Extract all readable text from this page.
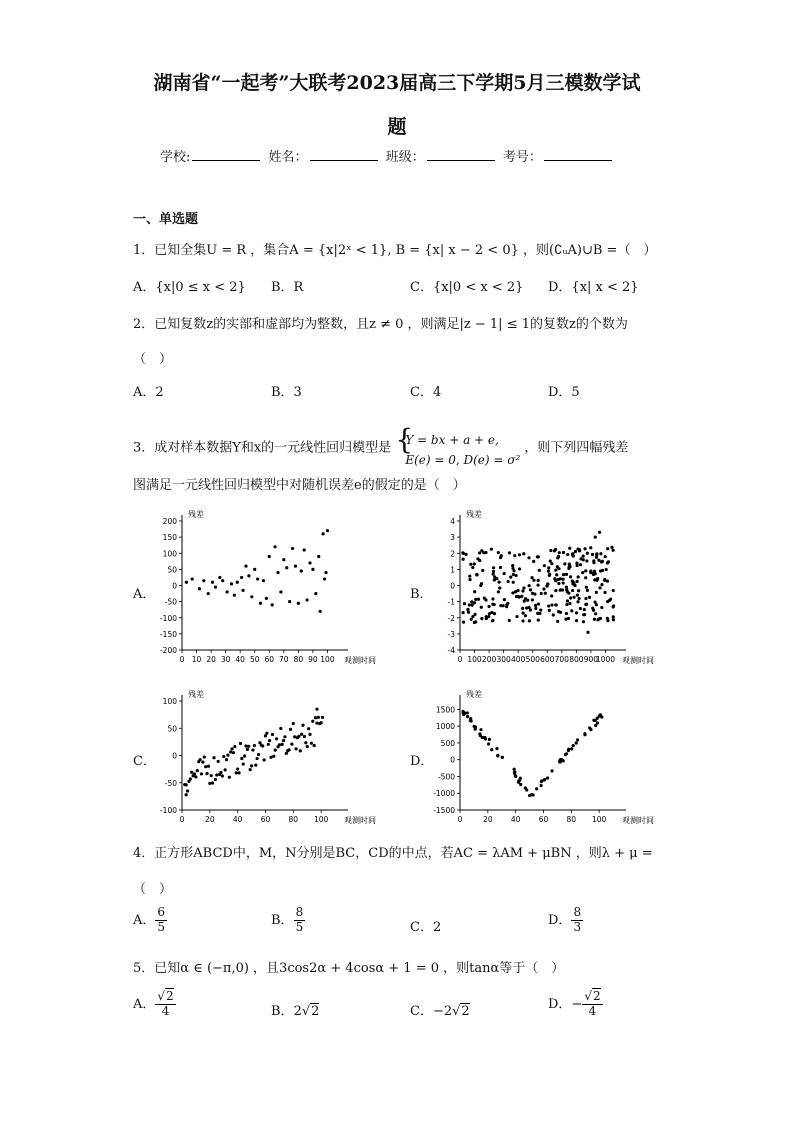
湖南省“一起考”大联考2023届高三下学期5月三模数学试
题
学校:	姓名：	班级：	考号：
一、单选题
1．已知全集U = R ，集合A = {x|2ˣ < 1}, B = {x| x − 2 < 0} ，则(∁ᵤA)∪B =（　）
A．{x|0 ≤ x < 2} B．R	C．{x|0 < x < 2} D．{x| x < 2}
2．已知复数z的实部和虚部均为整数，且z ≠ 0 ，则满足|z − 1| ≤ 1的复数z的个数为
（　）
A．2	B．3	C．4	D．5
3．成对样本数据Y和x的一元线性回归模型是 {
Y = bx + a + e,
E(e) = 0, D(e) = σ²
，则下列四幅残差
图满足一元线性回归模型中对随机误差e的假定的是（　）
A．	B．
C．	D．
残差
观测时间
200
150
100
50
0
-50
-100
-150
-200
0 10 20 30 40 50 60 70 80 90 100
残差
观测时间
4
3
2
1
0
-1
-2
-3
-4
0 100 200 300 400 500 600 700 800 900
1000
残差
观测时间
100
50
0
-50
-100
0	20 40 60 80 100
残差
观测时间
1500
1000
500
0
-500
-1000
-1500
0	20 40 60 80 100
4．正方形ABCD中，M，N分别是BC，CD的中点，若AC = λAM + μBN ，则λ + μ =
（　）
A． $\frac{6}{5}$	B． $\frac{8}{5}$	C．2	D． $\frac{8}{3}$
5．已知α ∈ (−π,0) ，且3cos2α + 4cosα + 1 = 0 ，则tanα等于（　）
A． $\frac{√2}{4}$	B．2√2	C．−2√2	D．− $\frac{√2}{4}$
